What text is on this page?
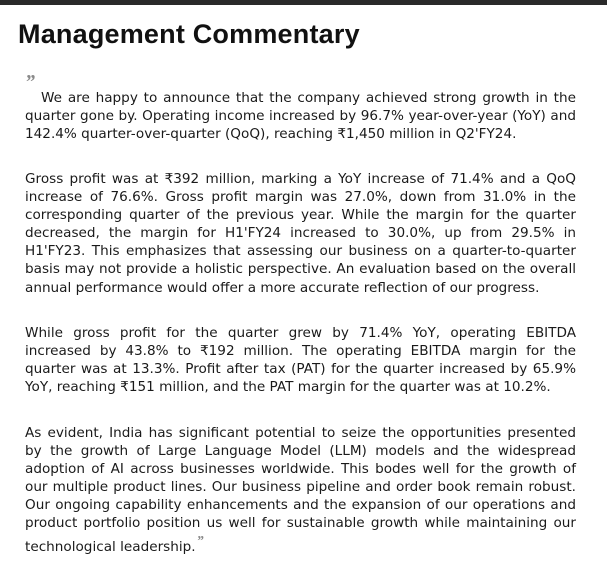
Management Commentary
”

We are happy to announce that the company achieved strong growth in the quarter gone by. Operating income increased by 96.7% year-over-year (YoY) and 142.4% quarter-over-quarter (QoQ), reaching ₹1,450 million in Q2'FY24.

Gross profit was at ₹392 million, marking a YoY increase of 71.4% and a QoQ increase of 76.6%. Gross profit margin was 27.0%, down from 31.0% in the corresponding quarter of the previous year. While the margin for the quarter decreased, the margin for H1'FY24 increased to 30.0%, up from 29.5% in H1'FY23. This emphasizes that assessing our business on a quarter-to-quarter basis may not provide a holistic perspective. An evaluation based on the overall annual performance would offer a more accurate reflection of our progress.

While gross profit for the quarter grew by 71.4% YoY, operating EBITDA increased by 43.8% to ₹192 million. The operating EBITDA margin for the quarter was at 13.3%. Profit after tax (PAT) for the quarter increased by 65.9% YoY, reaching ₹151 million, and the PAT margin for the quarter was at 10.2%.

As evident, India has significant potential to seize the opportunities presented by the growth of Large Language Model (LLM) models and the widespread adoption of AI across businesses worldwide. This bodes well for the growth of our multiple product lines. Our business pipeline and order book remain robust. Our ongoing capability enhancements and the expansion of our operations and product portfolio position us well for sustainable growth while maintaining our technological leadership.”
